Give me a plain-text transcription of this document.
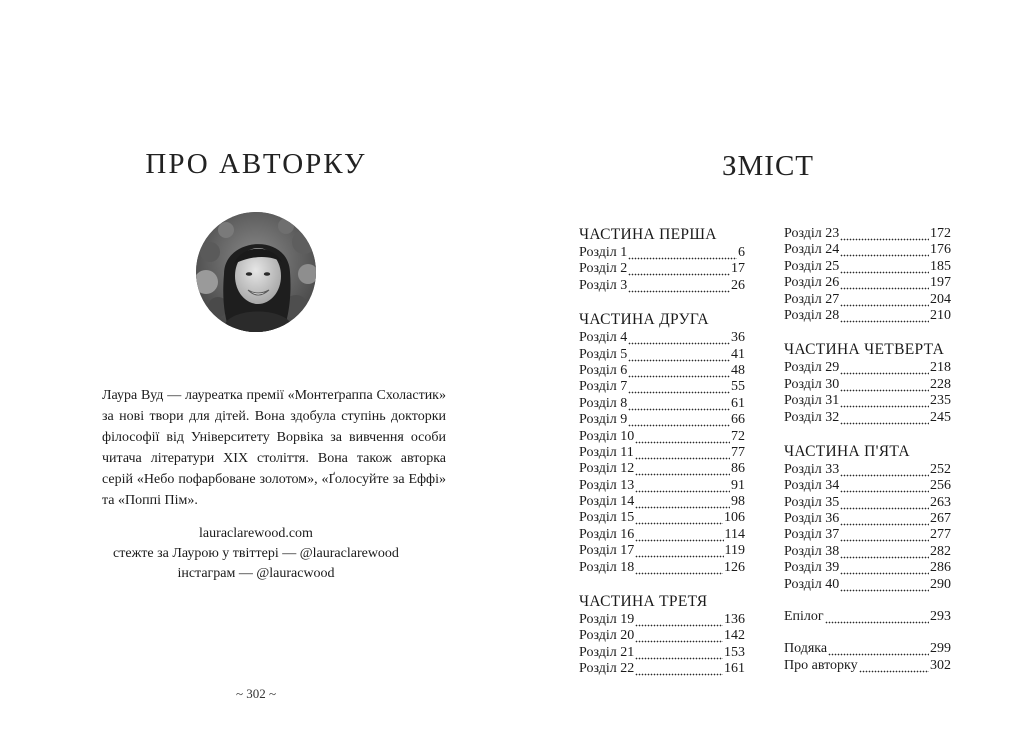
ПРО АВТОРКУ
Лаура Вуд — лауреатка премії «Монтеґраппа Схоластик» за нові твори для дітей. Вона здобула ступінь докторки філософії від Університету Ворвіка за вивчення особи читача літератури XIX століття. Вона також авторка серій «Небо пофарбоване золотом», «Ґолосуйте за Еффі» та «Поппі Пім».
lauraclarewood.com
стежте за Лаурою у твіттері — @lauraclarewood
інстаграм — @lauracwood
~ 302 ~
ЗМІСТ
ЧАСТИНА ПЕРША
Розділ 1	6
Розділ 2	17
Розділ 3	26
ЧАСТИНА ДРУГА
Розділ 4	36
Розділ 5	41
Розділ 6	48
Розділ 7	55
Розділ 8	61
Розділ 9	66
Розділ 10	72
Розділ 11	77
Розділ 12	86
Розділ 13	91
Розділ 14	98
Розділ 15	106
Розділ 16	114
Розділ 17	119
Розділ 18	126
ЧАСТИНА ТРЕТЯ
Розділ 19	136
Розділ 20	142
Розділ 21	153
Розділ 22	161
Розділ 23	172
Розділ 24	176
Розділ 25	185
Розділ 26	197
Розділ 27	204
Розділ 28	210
ЧАСТИНА ЧЕТВЕРТА
Розділ 29	218
Розділ 30	228
Розділ 31	235
Розділ 32	245
ЧАСТИНА П'ЯТА
Розділ 33	252
Розділ 34	256
Розділ 35	263
Розділ 36	267
Розділ 37	277
Розділ 38	282
Розділ 39	286
Розділ 40	290
Епілог	293
Подяка	299
Про авторку	302
